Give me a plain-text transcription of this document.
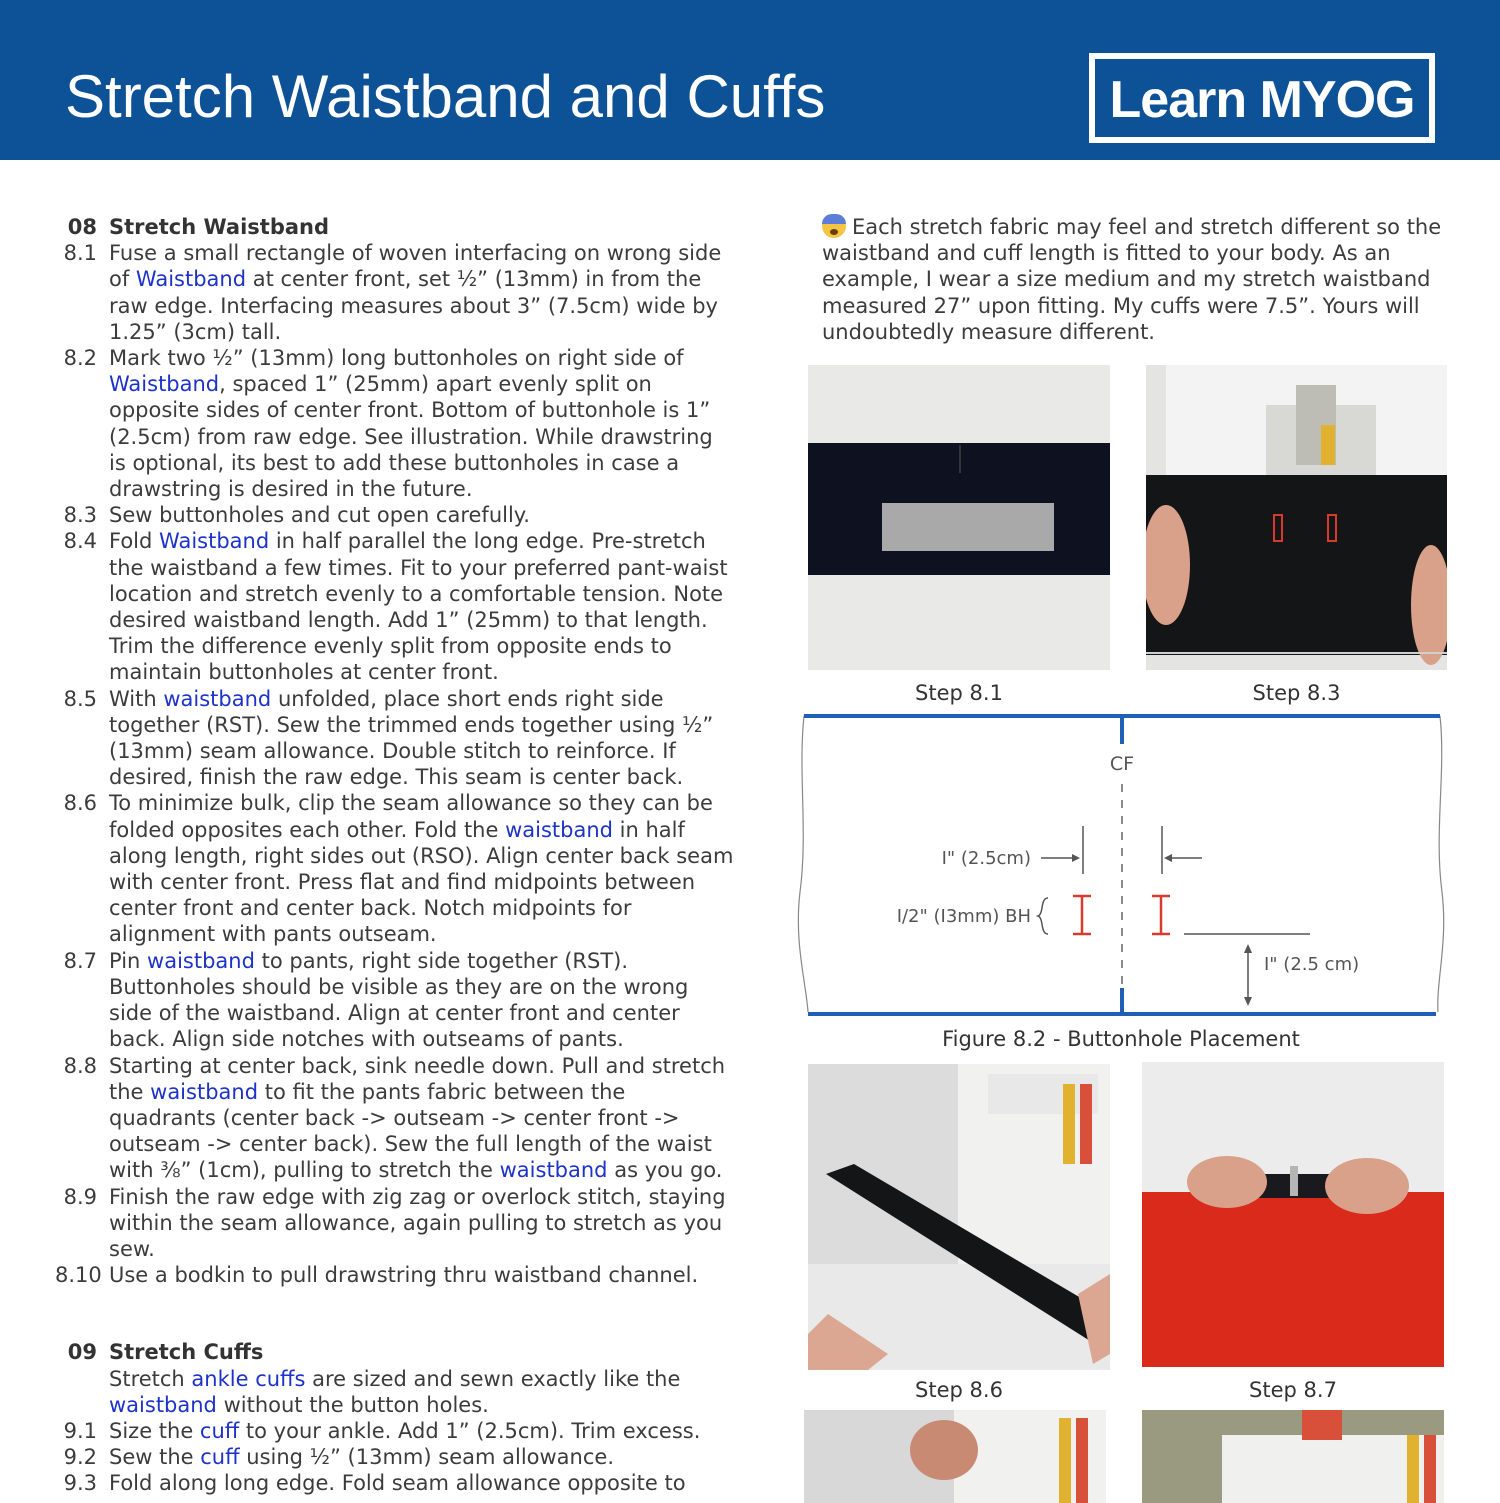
Stretch Waistband and Cuffs	Learn MYOG
08 Stretch Waistband
8.1 Fuse a small rectangle of woven interfacing on wrong side of Waistband at center front, set ½” (13mm) in from the raw edge. Interfacing measures about 3” (7.5cm) wide by 1.25” (3cm) tall.
8.2 Mark two ½” (13mm) long buttonholes on right side of Waistband, spaced 1” (25mm) apart evenly split on opposite sides of center front. Bottom of buttonhole is 1” (2.5cm) from raw edge. See illustration. While drawstring is optional, its best to add these buttonholes in case a drawstring is desired in the future.
8.3 Sew buttonholes and cut open carefully.
8.4 Fold Waistband in half parallel the long edge. Pre-stretch the waistband a few times. Fit to your preferred pant-waist location and stretch evenly to a comfortable tension. Note desired waistband length. Add 1” (25mm) to that length. Trim the difference evenly split from opposite ends to maintain buttonholes at center front.
8.5 With waistband unfolded, place short ends right side together (RST). Sew the trimmed ends together using ½” (13mm) seam allowance. Double stitch to reinforce. If desired, finish the raw edge. This seam is center back.
8.6 To minimize bulk, clip the seam allowance so they can be folded opposites each other. Fold the waistband in half along length, right sides out (RSO). Align center back seam with center front. Press flat and find midpoints between center front and center back. Notch midpoints for alignment with pants outseam.
8.7 Pin waistband to pants, right side together (RST). Buttonholes should be visible as they are on the wrong side of the waistband. Align at center front and center back. Align side notches with outseams of pants.
8.8 Starting at center back, sink needle down. Pull and stretch the waistband to fit the pants fabric between the quadrants (center back -> outseam -> center front -> outseam -> center back). Sew the full length of the waist with ⅜” (1cm), pulling to stretch the waistband as you go.
8.9 Finish the raw edge with zig zag or overlock stitch, staying within the seam allowance, again pulling to stretch as you sew.
8.10 Use a bodkin to pull drawstring thru waistband channel.
09 Stretch Cuffs
Stretch ankle cuffs are sized and sewn exactly like the waistband without the button holes.
9.1 Size the cuff to your ankle. Add 1” (2.5cm). Trim excess.
9.2 Sew the cuff using ½” (13mm) seam allowance.
9.3 Fold along long edge. Fold seam allowance opposite to
Each stretch fabric may feel and stretch different so the waistband and cuff length is fitted to your body. As an example, I wear a size medium and my stretch waistband measured 27” upon fitting. My cuffs were 7.5”. Yours will undoubtedly measure different.
Step 8.1	Step 8.3
CF
I" (2.5cm)
I/2" (I3mm) BH
I" (2.5 cm)
Figure 8.2 - Buttonhole Placement
Step 8.6	Step 8.7
